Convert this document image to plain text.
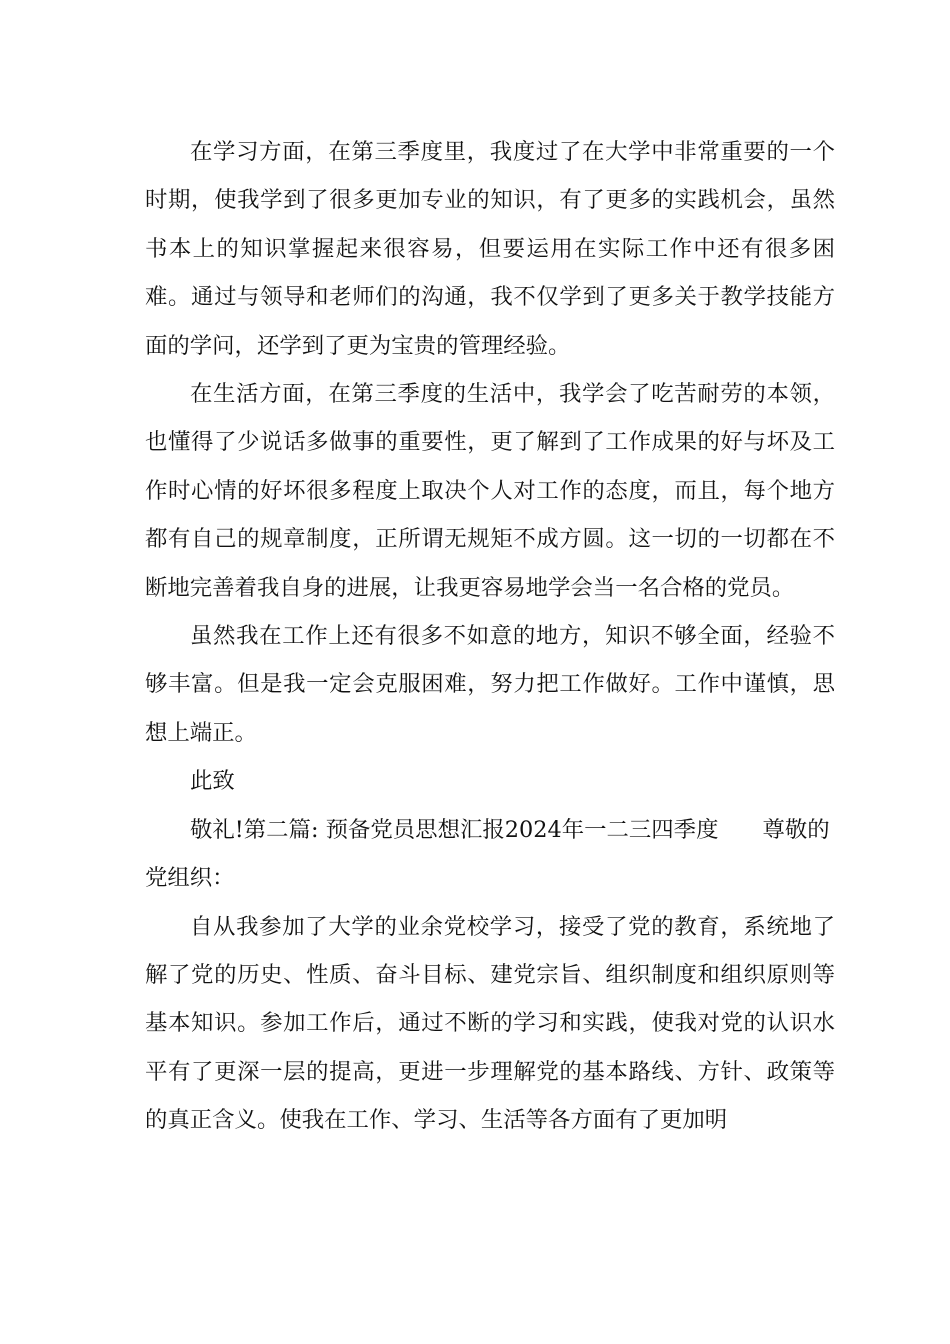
在学习方面，在第三季度里，我度过了在大学中非常重要的一个时期，使我学到了很多更加专业的知识，有了更多的实践机会，虽然书本上的知识掌握起来很容易，但要运用在实际工作中还有很多困难。通过与领导和老师们的沟通，我不仅学到了更多关于教学技能方面的学问，还学到了更为宝贵的管理经验。

在生活方面，在第三季度的生活中，我学会了吃苦耐劳的本领，也懂得了少说话多做事的重要性，更了解到了工作成果的好与坏及工作时心情的好坏很多程度上取决个人对工作的态度，而且，每个地方都有自己的规章制度，正所谓无规矩不成方圆。这一切的一切都在不断地完善着我自身的进展，让我更容易地学会当一名合格的党员。

虽然我在工作上还有很多不如意的地方，知识不够全面，经验不够丰富。但是我一定会克服困难，努力把工作做好。工作中谨慎，思想上端正。

此致

敬礼!第二篇: 预备党员思想汇报2024年一二三四季度 尊敬的党组织：

自从我参加了大学的业余党校学习，接受了党的教育，系统地了解了党的历史、性质、奋斗目标、建党宗旨、组织制度和组织原则等基本知识。参加工作后，通过不断的学习和实践，使我对党的认识水平有了更深一层的提高，更进一步理解党的基本路线、方针、政策等的真正含义。使我在工作、学习、生活等各方面有了更加明
